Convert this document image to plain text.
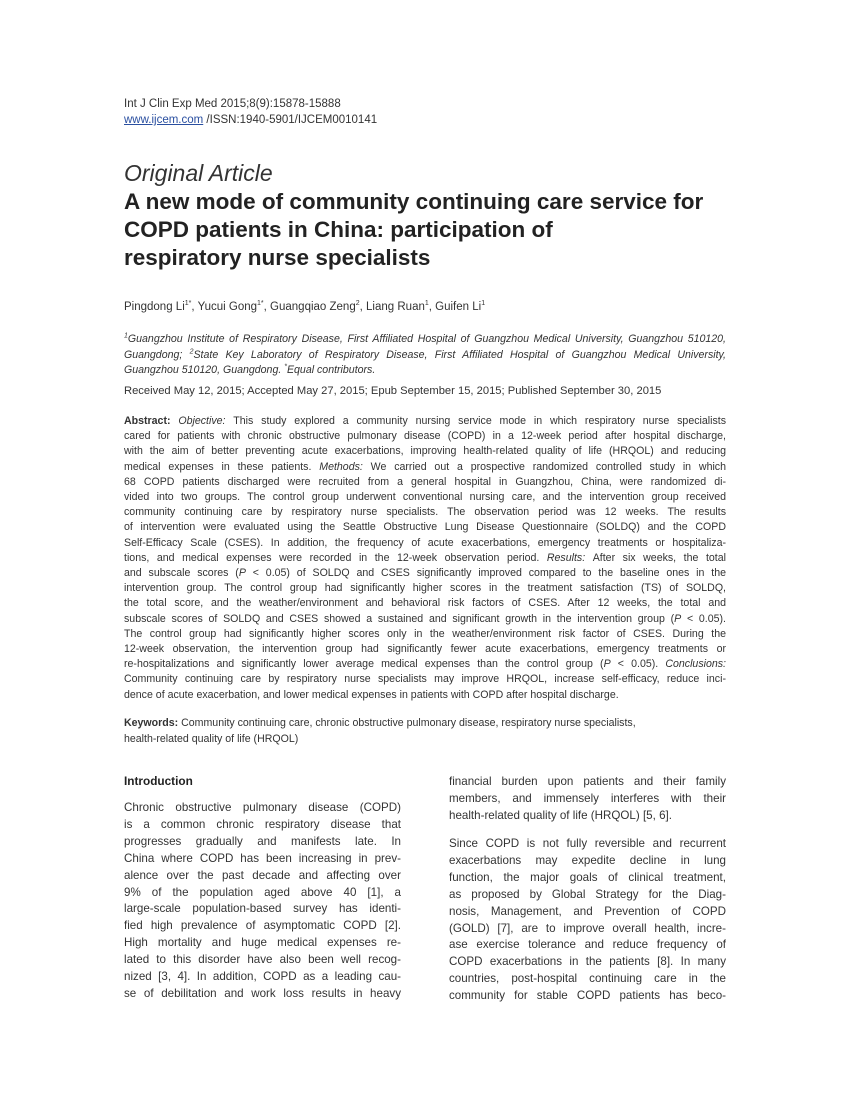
Int J Clin Exp Med 2015;8(9):15878-15888
www.ijcem.com /ISSN:1940-5901/IJCEM0010141
Original Article
A new mode of community continuing care service for
COPD patients in China: participation of
respiratory nurse specialists
Pingdong $Li^{1*}$, Yucui Gong$^{1*}$, Guangqiao Zeng$^2$, Liang Ruan$^1$, Guifen Li$^1$
$^1$Guangzhou Institute of Respiratory Disease, First Affiliated Hospital of Guangzhou Medical University, Guangzhou 510120, Guangdong; $^2$State Key Laboratory of Respiratory Disease, First Affiliated Hospital of Guangzhou Medical University, Guangzhou 510120, Guangdong. *Equal contributors.
Received May 12, 2015; Accepted May 27, 2015; Epub September 15, 2015; Published September 30, 2015
Abstract: Objective: This study explored a community nursing service mode in which respiratory nurse specialists
cared for patients with chronic obstructive pulmonary disease (COPD) in a 12-week period after hospital discharge,
with the aim of better preventing acute exacerbations, improving health-related quality of life (HRQOL) and reducing
medical expenses in these patients. Methods: We carried out a prospective randomized controlled study in which
68 COPD patients discharged were recruited from a general hospital in Guangzhou, China, were randomized di-
vided into two groups. The control group underwent conventional nursing care, and the intervention group received
community continuing care by respiratory nurse specialists. The observation period was 12 weeks. The results
of intervention were evaluated using the Seattle Obstructive Lung Disease Questionnaire (SOLDQ) and the COPD
Self-Efficacy Scale (CSES). In addition, the frequency of acute exacerbations, emergency treatments or hospitaliza-
tions, and medical expenses were recorded in the 12-week observation period. Results: After six weeks, the total
and subscale scores (P < 0.05) of SOLDQ and CSES significantly improved compared to the baseline ones in the
intervention group. The control group had significantly higher scores in the treatment satisfaction (TS) of SOLDQ,
the total score, and the weather/environment and behavioral risk factors of CSES. After 12 weeks, the total and
subscale scores of SOLDQ and CSES showed a sustained and significant growth in the intervention group (P < 0.05).
The control group had significantly higher scores only in the weather/environment risk factor of CSES. During the
12-week observation, the intervention group had significantly fewer acute exacerbations, emergency treatments or
re-hospitalizations and significantly lower average medical expenses than the control group (P < 0.05). Conclusions:
Community continuing care by respiratory nurse specialists may improve HRQOL, increase self-efficacy, reduce inci-
dence of acute exacerbation, and lower medical expenses in patients with COPD after hospital discharge.
Keywords: Community continuing care, chronic obstructive pulmonary disease, respiratory nurse specialists,
health-related quality of life (HRQOL)
Introduction
Chronic obstructive pulmonary disease (COPD)
is a common chronic respiratory disease that
progresses gradually and manifests late. In
China where COPD has been increasing in prev-
alence over the past decade and affecting over
9% of the population aged above 40 [1], a
large-scale population-based survey has identi-
fied high prevalence of asymptomatic COPD [2].
High mortality and huge medical expenses re-
lated to this disorder have also been well recog-
nized [3, 4]. In addition, COPD as a leading cau-
se of debilitation and work loss results in heavy
financial burden upon patients and their family
members, and immensely interferes with their
health-related quality of life (HRQOL) [5, 6].
Since COPD is not fully reversible and recurrent
exacerbations may expedite decline in lung
function, the major goals of clinical treatment,
as proposed by Global Strategy for the Diag-
nosis, Management, and Prevention of COPD
(GOLD) [7], are to improve overall health, incre-
ase exercise tolerance and reduce frequency of
COPD exacerbations in the patients [8]. In many
countries, post-hospital continuing care in the
community for stable COPD patients has beco-
